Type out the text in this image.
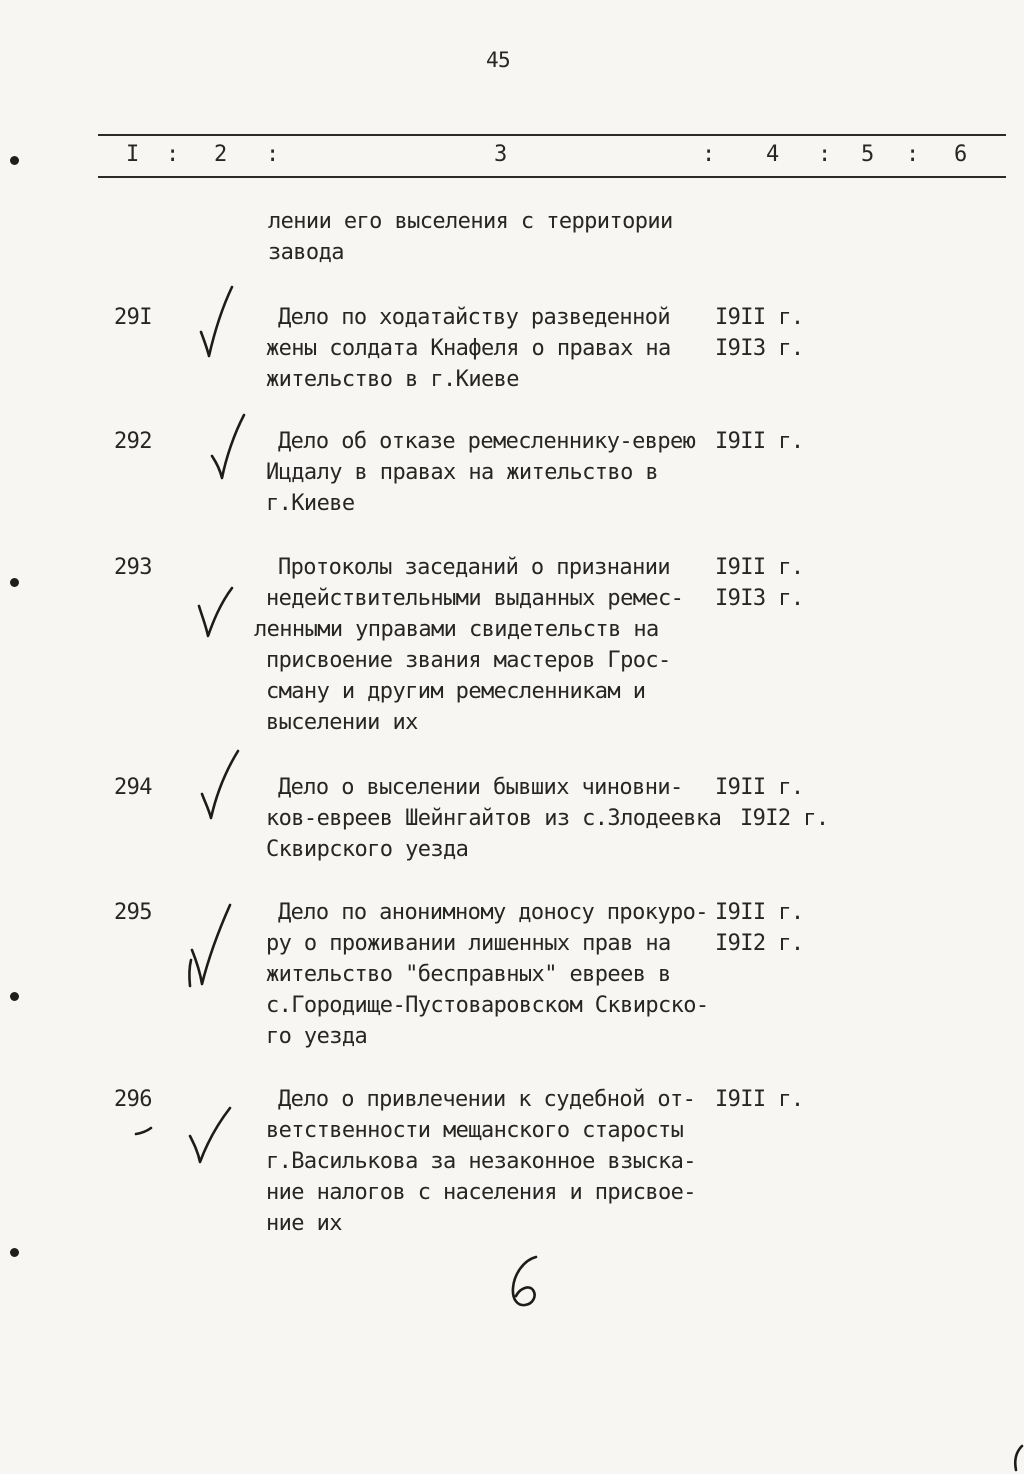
45
I : 2 :	3	: 4 : 5 : 6
лении его выселения с территории
завода
29I	Дело по ходатайству разведенной
жены солдата Кнафеля о правах на
жительство в г.Киеве
I9II г.
I9I3 г.
292	Дело об отказе ремесленнику-еврею
Ицдалу в правах на жительство в
г.Киеве
I9II г.
293	Протоколы заседаний о признании
недействительными выданных ремес-
ленными управами свидетельств на
присвоение звания мастеров Грос-
сману и другим ремесленникам и
выселении их
I9II г.
I9I3 г.
294	Дело о выселении бывших чиновни-
ков-евреев Шейнгайтов из с.Злодеевка
Сквирского уезда
I9II г.
I9I2 г.
295	Дело по анонимному доносу прокуро-
ру о проживании лишенных прав на
жительство "бесправных" евреев в
с.Городище-Пустоваровском Сквирско-
го уезда
I9II г.
I9I2 г.
296	Дело о привлечении к судебной от-
ветственности мещанского старосты
г.Василькова за незаконное взыска-
ние налогов с населения и присвое-
ние их
I9II г.
